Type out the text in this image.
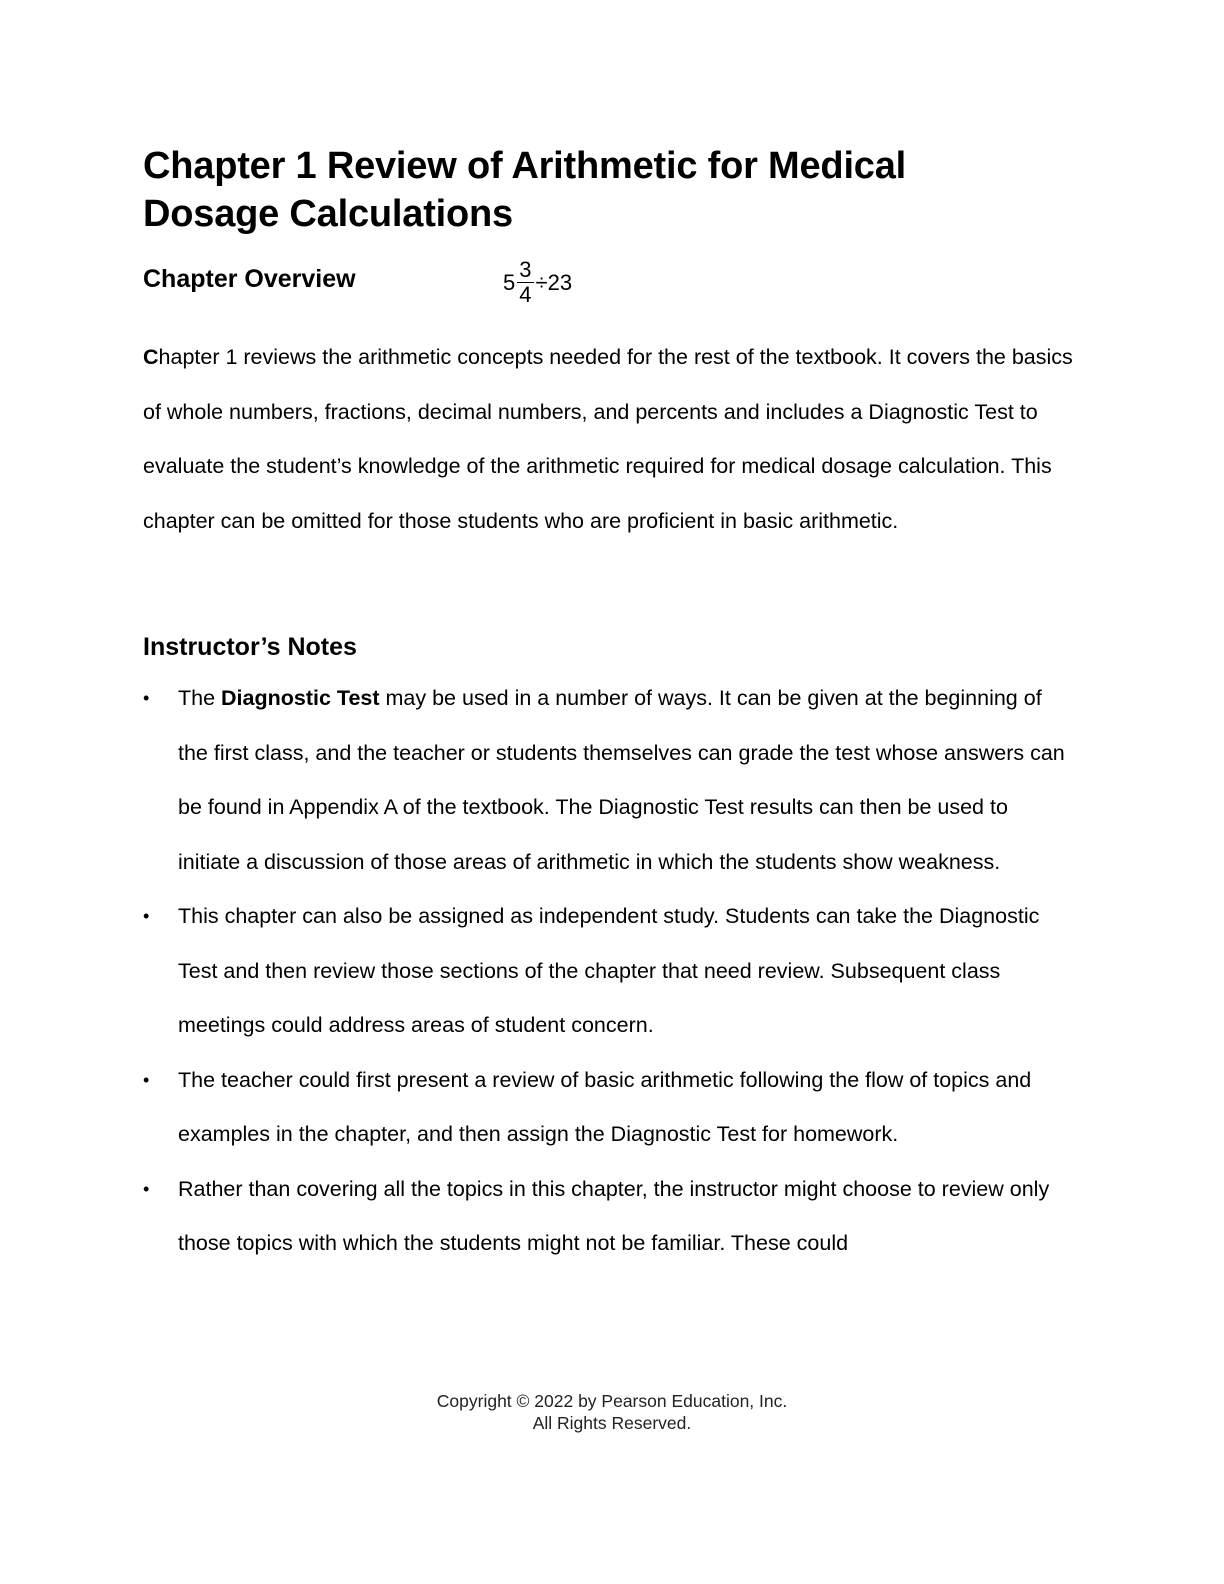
Chapter 1 Review of Arithmetic for Medical Dosage Calculations
Chapter Overview	$5 \frac{3}{4} \div 23$

Chapter 1 reviews the arithmetic concepts needed for the rest of the textbook. It covers the basics of whole numbers, fractions, decimal numbers, and percents and includes a Diagnostic Test to evaluate the student’s knowledge of the arithmetic required for medical dosage calculation. This chapter can be omitted for those students who are proficient in basic arithmetic.

Instructor’s Notes
• The Diagnostic Test may be used in a number of ways. It can be given at the beginning of the first class, and the teacher or students themselves can grade the test whose answers can be found in Appendix A of the textbook. The Diagnostic Test results can then be used to initiate a discussion of those areas of arithmetic in which the students show weakness.
• This chapter can also be assigned as independent study. Students can take the Diagnostic Test and then review those sections of the chapter that need review. Subsequent class meetings could address areas of student concern.
• The teacher could first present a review of basic arithmetic following the flow of topics and examples in the chapter, and then assign the Diagnostic Test for homework.
• Rather than covering all the topics in this chapter, the instructor might choose to review only those topics with which the students might not be familiar. These could
Copyright © 2022 by Pearson Education, Inc.
All Rights Reserved.
